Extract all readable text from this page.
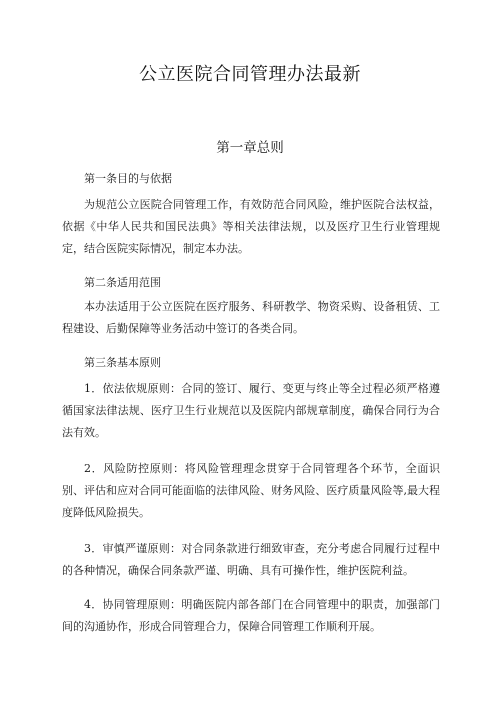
公立医院合同管理办法最新
第一章总则

第一条目的与依据

为规范公立医院合同管理工作，有效防范合同风险，维护医院合法权益，依据《中华人民共和国民法典》等相关法律法规，以及医疗卫生行业管理规定，结合医院实际情况，制定本办法。

第二条适用范围

本办法适用于公立医院在医疗服务、科研教学、物资采购、设备租赁、工程建设、后勤保障等业务活动中签订的各类合同。

第三条基本原则

1．依法依规原则：合同的签订、履行、变更与终止等全过程必须严格遵循国家法律法规、医疗卫生行业规范以及医院内部规章制度，确保合同行为合法有效。

2．风险防控原则：将风险管理理念贯穿于合同管理各个环节，全面识别、评估和应对合同可能面临的法律风险、财务风险、医疗质量风险等,最大程度降低风险损失。

3．审慎严谨原则：对合同条款进行细致审查，充分考虑合同履行过程中的各种情况，确保合同条款严谨、明确、具有可操作性，维护医院利益。

4．协同管理原则：明确医院内部各部门在合同管理中的职责，加强部门间的沟通协作，形成合同管理合力，保障合同管理工作顺利开展。
